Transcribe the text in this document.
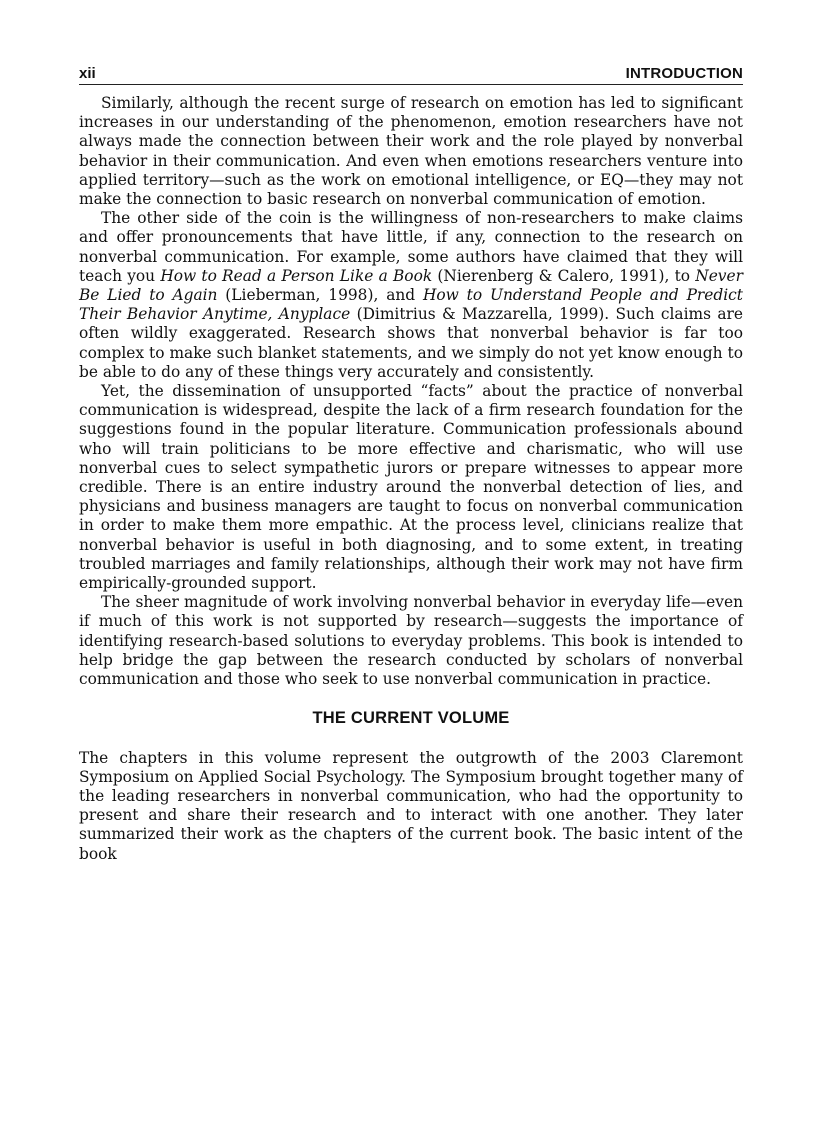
xii	INTRODUCTION

Similarly, although the recent surge of research on emotion has led to significant increases in our understanding of the phenomenon, emotion researchers have not always made the connection between their work and the role played by nonverbal behavior in their communication. And even when emotions researchers venture into applied territory—such as the work on emotional intelligence, or EQ—they may not make the connection to basic research on nonverbal communication of emotion.

The other side of the coin is the willingness of non-researchers to make claims and offer pronouncements that have little, if any, connection to the research on nonverbal communication. For example, some authors have claimed that they will teach you How to Read a Person Like a Book (Nierenberg & Calero, 1991), to Never Be Lied to Again (Lieberman, 1998), and How to Understand People and Predict Their Behavior Anytime, Anyplace (Dimitrius & Mazzarella, 1999). Such claims are often wildly exaggerated. Research shows that nonverbal behavior is far too complex to make such blanket statements, and we simply do not yet know enough to be able to do any of these things very accurately and consistently.

Yet, the dissemination of unsupported “facts” about the practice of nonverbal communication is widespread, despite the lack of a firm research foundation for the suggestions found in the popular literature. Communication professionals abound who will train politicians to be more effective and charismatic, who will use nonverbal cues to select sympathetic jurors or prepare witnesses to appear more credible. There is an entire industry around the nonverbal detection of lies, and physicians and business managers are taught to focus on nonverbal communication in order to make them more empathic. At the process level, clinicians realize that nonverbal behavior is useful in both diagnosing, and to some extent, in treating troubled marriages and family relationships, although their work may not have firm empirically-grounded support.

The sheer magnitude of work involving nonverbal behavior in everyday life—even if much of this work is not supported by research—suggests the importance of identifying research-based solutions to everyday problems. This book is intended to help bridge the gap between the research conducted by scholars of nonverbal communication and those who seek to use nonverbal communication in practice.

THE CURRENT VOLUME

The chapters in this volume represent the outgrowth of the 2003 Claremont Symposium on Applied Social Psychology. The Symposium brought together many of the leading researchers in nonverbal communication, who had the opportunity to present and share their research and to interact with one another. They later summarized their work as the chapters of the current book. The basic intent of the book
